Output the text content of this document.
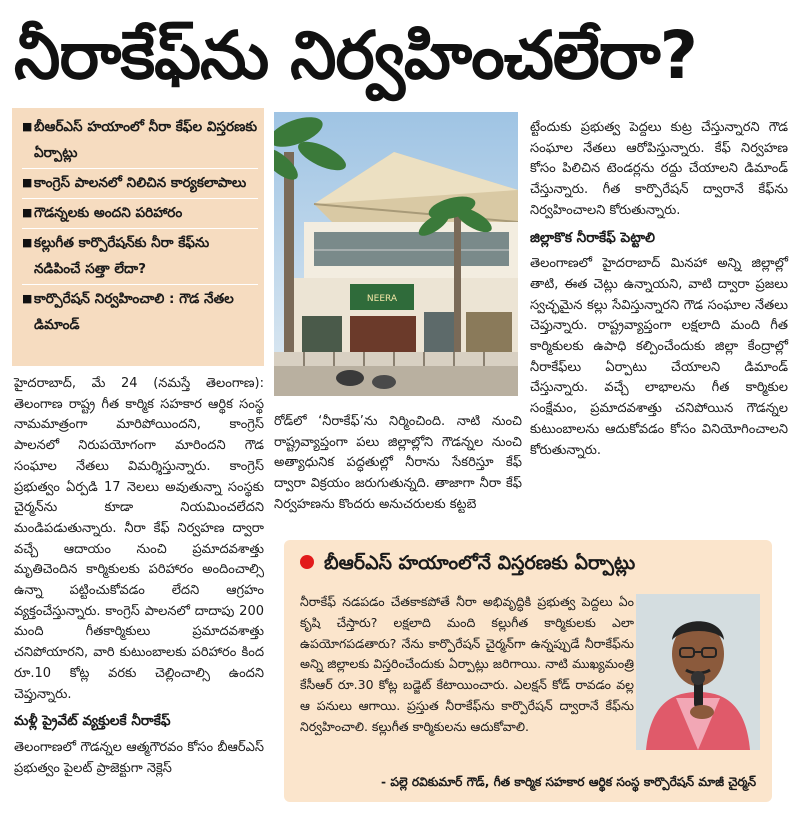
నీరాకేఫ్‌ను నిర్వహించలేరా?
■ బీఆర్‌ఎస్ హయాంలో నీరా కేఫ్‌ల విస్తరణకు ఏర్పాట్లు
■ కాంగ్రెస్ పాలనలో నిలిచిన కార్యకలాపాలు
■ గౌడన్నలకు అందని పరిహారం
■ కల్లుగీత కార్పొరేషన్‌కు నీరా కేఫ్‌ను నడిపించే సత్తా లేదా?
■ కార్పొరేషన్ నిర్వహించాలి : గౌడ నేతల డిమాండ్
NEERA

హైదరాబాద్, మే 24 (నమస్తే తెలంగాణ): తెలంగాణ రాష్ట్ర గీత కార్మిక సహకార ఆర్థిక సంస్థ నామమాత్రంగా మారిపోయిందని, కాంగ్రెస్ పాలనలో నిరుపయోగంగా మారిందని గౌడ సంఘాల నేతలు విమర్శిస్తున్నారు. కాంగ్రెస్ ప్రభుత్వం ఏర్పడి 17 నెలలు అవుతున్నా సంస్థకు చైర్మన్‌ను కూడా నియమించలేదని మండిపడుతున్నారు. నీరా కేఫ్ నిర్వహణ ద్వారా వచ్చే ఆదాయం నుంచి ప్రమాదవశాత్తు మృతిచెందిన కార్మికులకు పరిహారం అందించాల్సి ఉన్నా పట్టించుకోవడం లేదని ఆగ్రహం వ్యక్తంచేస్తున్నారు. కాంగ్రెస్ పాలనలో దాదాపు 200 మంది గీతకార్మికులు ప్రమాదవశాత్తు చనిపోయారని, వారి కుటుంబాలకు పరిహారం కింద రూ.10 కోట్ల వరకు చెల్లించాల్సి ఉందని చెప్తున్నారు.

మళ్లీ ప్రైవేట్ వ్యక్తులకే నీరాకేఫ్

తెలంగాణలో గౌడన్నల ఆత్మగౌరవం కోసం బీఆర్‌ఎస్ ప్రభుత్వం పైలట్ ప్రాజెక్టుగా నెక్లెస్

రోడ్‌లో ‘నీరాకేఫ్’ను నిర్మించింది. నాటి నుంచి రాష్ట్రవ్యాప్తంగా పలు జిల్లాల్లోని గౌడన్నల నుంచి అత్యాధునిక పద్ధతుల్లో నీరాను సేకరిస్తూ కేఫ్ ద్వారా విక్రయం జరుగుతున్నది. తాజాగా నీరా కేఫ్ నిర్వహణను కొందరు అనుచరులకు కట్టబె

ట్టేందుకు ప్రభుత్వ పెద్దలు కుట్ర చేస్తున్నారని గౌడ సంఘాల నేతలు ఆరోపిస్తున్నారు. కేఫ్ నిర్వహణ కోసం పిలిచిన టెండర్లను రద్దు చేయాలని డిమాండ్ చేస్తున్నారు. గీత కార్పొరేషన్ ద్వారానే కేఫ్‌ను నిర్వహించాలని కోరుతున్నారు.

జిల్లాకొక నీరాకేఫ్ పెట్టాలి

తెలంగాణలో హైదరాబాద్ మినహా అన్ని జిల్లాల్లో తాటి, ఈత చెట్లు ఉన్నాయని, వాటి ద్వారా ప్రజలు స్వచ్ఛమైన కల్లు సేవిస్తున్నారని గౌడ సంఘాల నేతలు చెప్తున్నారు. రాష్ట్రవ్యాప్తంగా లక్షలాది మంది గీత కార్మికులకు ఉపాధి కల్పించేందుకు జిల్లా కేంద్రాల్లో నీరాకేఫ్‌లు ఏర్పాటు చేయాలని డిమాండ్ చేస్తున్నారు. వచ్చే లాభాలను గీత కార్మికుల సంక్షేమం, ప్రమాదవశాత్తు చనిపోయిన గౌడన్నల కుటుంబాలను ఆదుకోవడం కోసం వినియోగించాలని కోరుతున్నారు.

బీఆర్‌ఎస్ హయాంలోనే విస్తరణకు ఏర్పాట్లు
నీరాకేఫ్ నడపడం చేతకాకపోతే నీరా అభివృద్ధికి ప్రభుత్వ పెద్దలు ఏం కృషి చేస్తారు? లక్షలాది మంది కల్లుగీత కార్మికులకు ఎలా ఉపయోగపడతారు? నేను కార్పొరేషన్ చైర్మన్‌గా ఉన్నప్పుడే నీరాకేఫ్‌ను అన్ని జిల్లాలకు విస్తరించేందుకు ఏర్పాట్లు జరిగాయి. నాటి ముఖ్యమంత్రి కేసీఆర్ రూ.30 కోట్ల బడ్జెట్ కేటాయించారు. ఎలక్షన్ కోడ్ రావడం వల్ల ఆ పనులు ఆగాయి. ప్రస్తుత నీరాకేఫ్‌ను కార్పొరేషన్ ద్వారానే కేఫ్‌ను నిర్వహించాలి. కల్లుగీత కార్మికులను ఆదుకోవాలి.
- పల్లె రవికుమార్ గౌడ్, గీత కార్మిక సహకార ఆర్థిక సంస్థ కార్పొరేషన్ మాజీ చైర్మన్
